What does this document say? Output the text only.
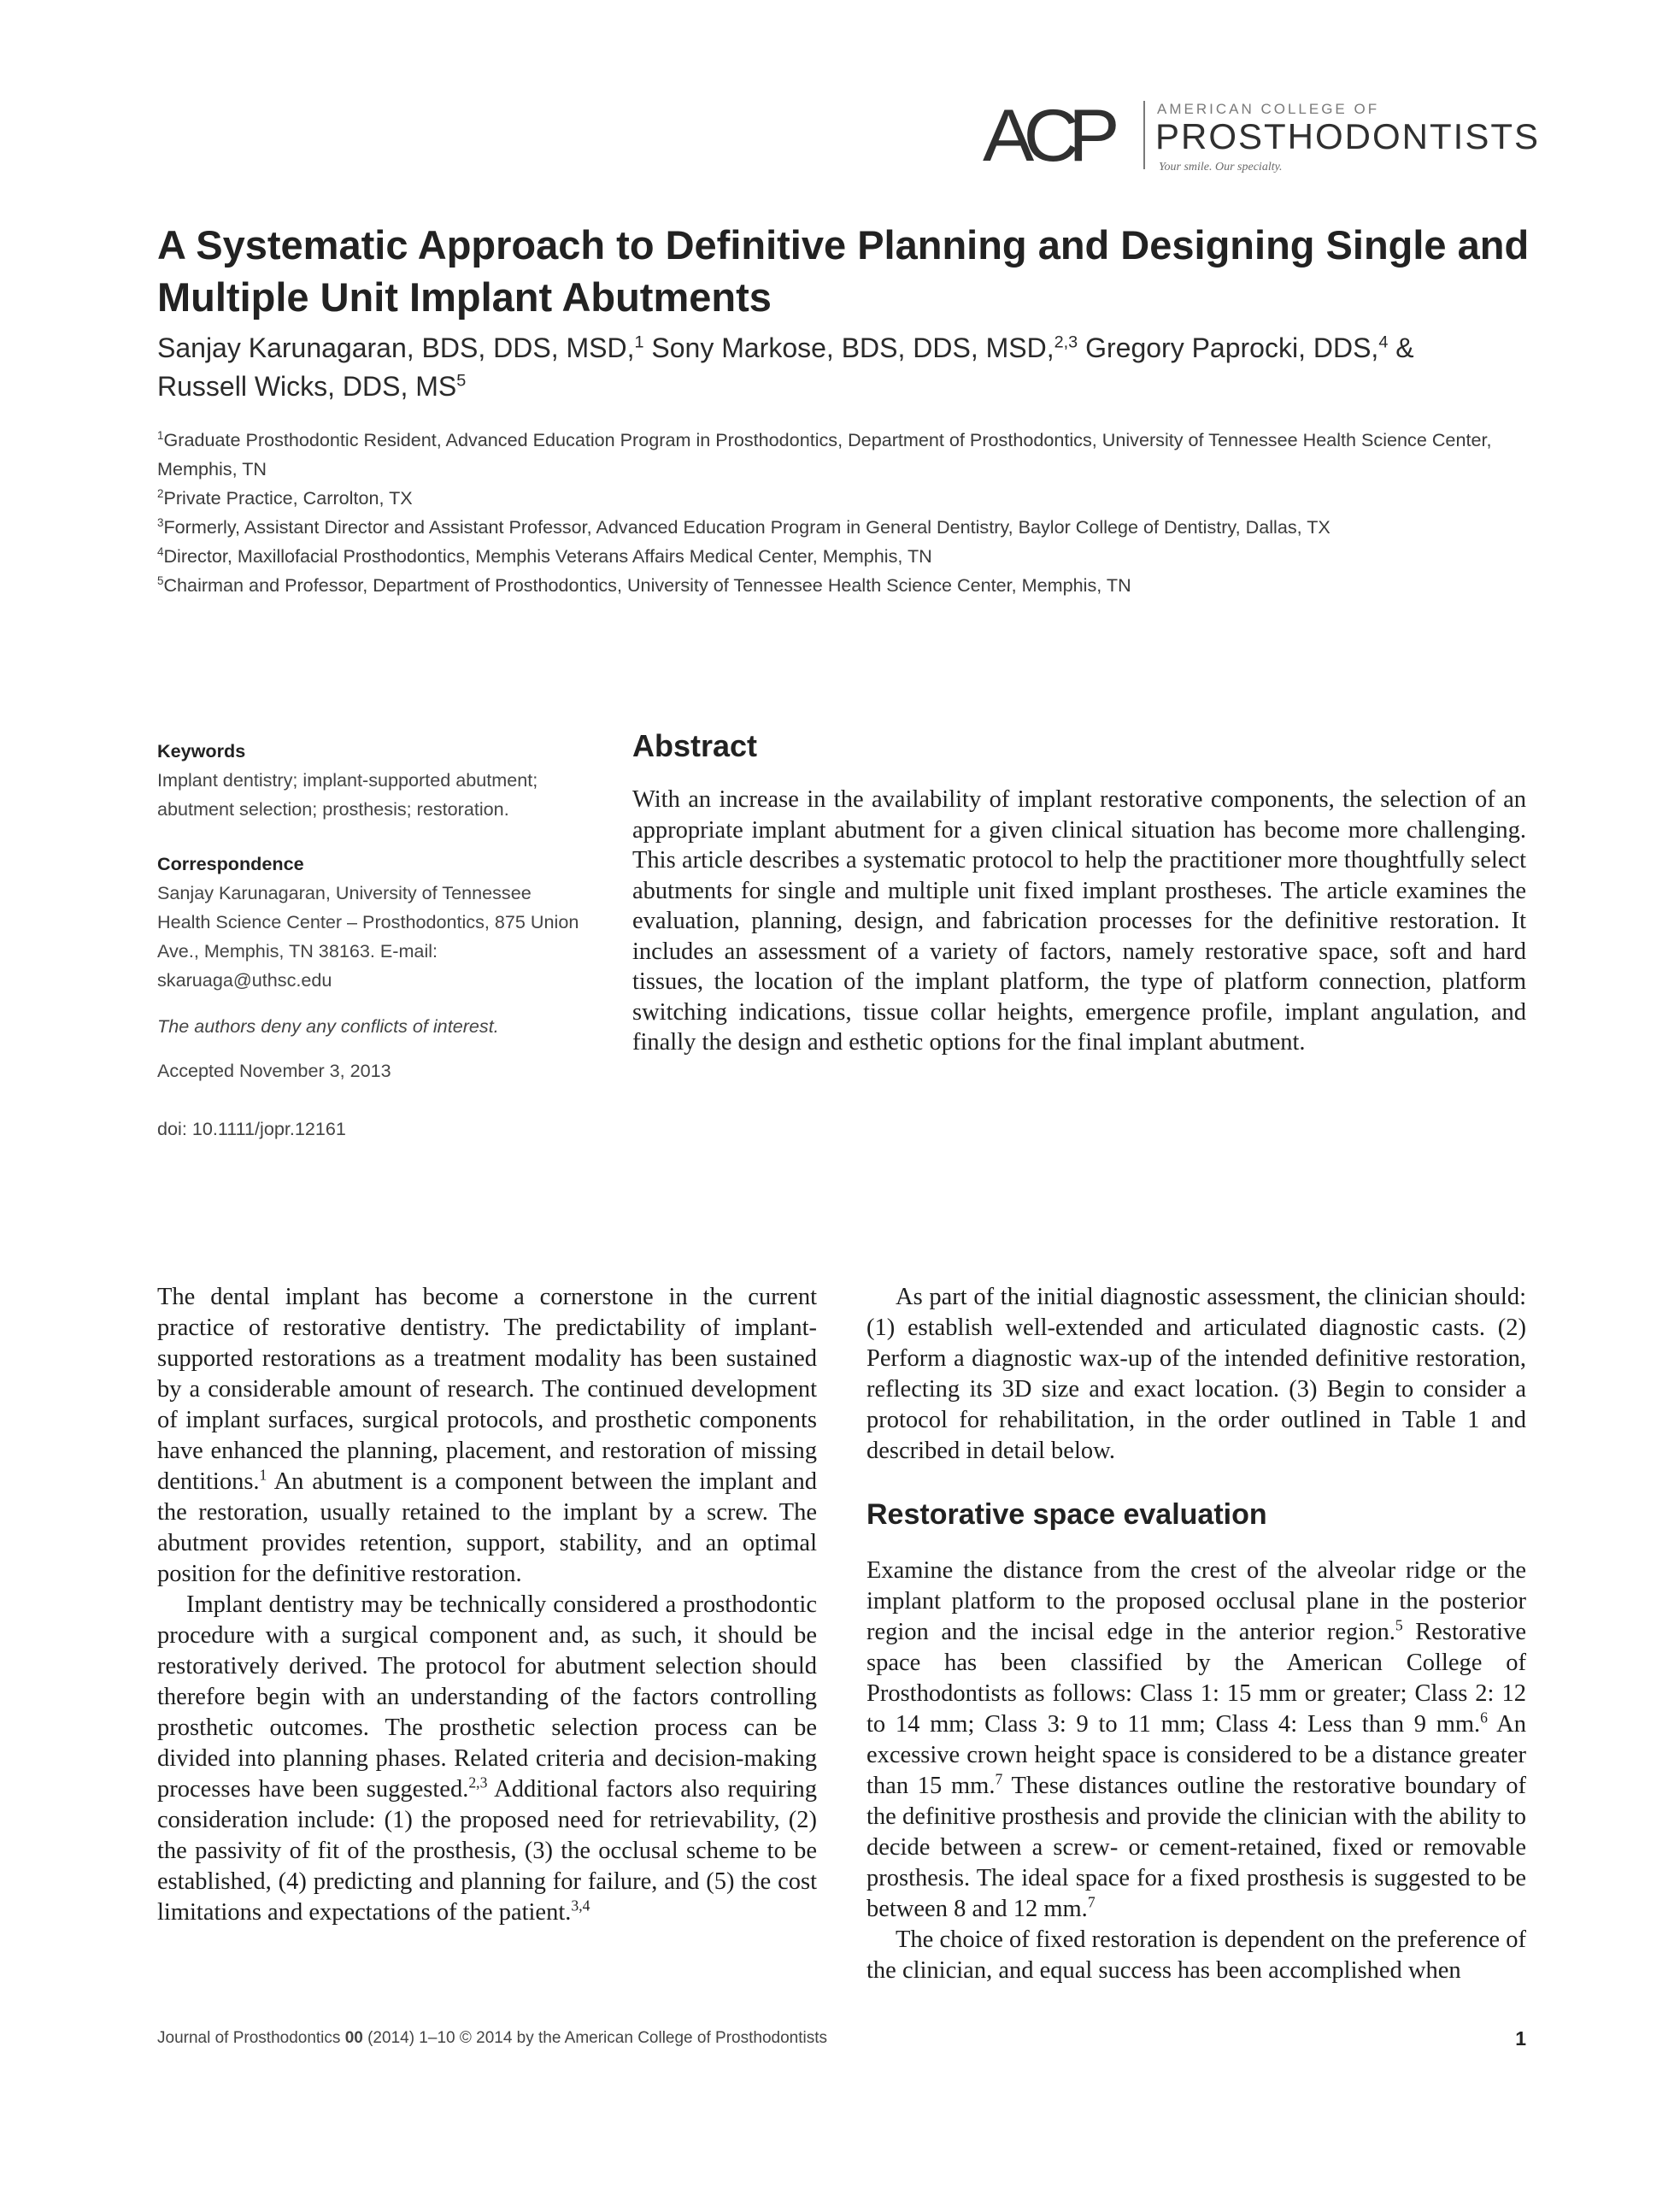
ACP	AMERICAN COLLEGE OF
PROSTHODONTISTS
Your smile. Our specialty.
A Systematic Approach to Definitive Planning and Designing Single and Multiple Unit Implant Abutments
Sanjay Karunagaran, BDS, DDS, MSD,$^1$ Sony Markose, BDS, DDS, MSD,$^{2,3}$ Gregory Paprocki, DDS,$^4$ &
Russell Wicks, DDS, $MS^5$
$^1$Graduate Prosthodontic Resident, Advanced Education Program in Prosthodontics, Department of Prosthodontics, University of Tennessee Health Science Center, Memphis, TN
$^2$Private Practice, Carrolton, TX
$^3$Formerly, Assistant Director and Assistant Professor, Advanced Education Program in General Dentistry, Baylor College of Dentistry, Dallas, TX
$^4$Director, Maxillofacial Prosthodontics, Memphis Veterans Affairs Medical Center, Memphis, TN
$^5$Chairman and Professor, Department of Prosthodontics, University of Tennessee Health Science Center, Memphis, TN
Keywords

Implant dentistry; implant-supported abutment; abutment selection; prosthesis; restoration.

Correspondence

Sanjay Karunagaran, University of Tennessee Health Science Center – Prosthodontics, 875 Union Ave., Memphis, TN 38163. E-mail: skaruaga@uthsc.edu

The authors deny any conflicts of interest.

Accepted November 3, 2013

doi: 10.1111/jopr.12161

Abstract

With an increase in the availability of implant restorative components, the selection of an appropriate implant abutment for a given clinical situation has become more challenging. This article describes a systematic protocol to help the practitioner more thoughtfully select abutments for single and multiple unit fixed implant prostheses. The article examines the evaluation, planning, design, and fabrication processes for the definitive restoration. It includes an assessment of a variety of factors, namely restorative space, soft and hard tissues, the location of the implant platform, the type of platform connection, platform switching indications, tissue collar heights, emergence profile, implant angulation, and finally the design and esthetic options for the final implant abutment.

The dental implant has become a cornerstone in the current practice of restorative dentistry. The predictability of implant-supported restorations as a treatment modality has been sustained by a considerable amount of research. The continued development of implant surfaces, surgical protocols, and prosthetic components have enhanced the planning, placement, and restoration of missing dentitions.$^1$ An abutment is a component between the implant and the restoration, usually retained to the implant by a screw. The abutment provides retention, support, stability, and an optimal position for the definitive restoration.

Implant dentistry may be technically considered a prosthodontic procedure with a surgical component and, as such, it should be restoratively derived. The protocol for abutment selection should therefore begin with an understanding of the factors controlling prosthetic outcomes. The prosthetic selection process can be divided into planning phases. Related criteria and decision-making processes have been suggested.$^{2,3}$ Additional factors also requiring consideration include: (1) the proposed need for retrievability, (2) the passivity of fit of the prosthesis, (3) the occlusal scheme to be established, (4) predicting and planning for failure, and (5) the cost limitations and expectations of the patient.$^{3,4}$

As part of the initial diagnostic assessment, the clinician should: (1) establish well-extended and articulated diagnostic casts. (2) Perform a diagnostic wax-up of the intended definitive restoration, reflecting its 3D size and exact location. (3) Begin to consider a protocol for rehabilitation, in the order outlined in Table 1 and described in detail below.

Restorative space evaluation

Examine the distance from the crest of the alveolar ridge or the implant platform to the proposed occlusal plane in the posterior region and the incisal edge in the anterior region.$^5$ Restorative space has been classified by the American College of Prosthodontists as follows: Class 1: 15 mm or greater; Class 2: 12 to 14 mm; Class 3: 9 to 11 mm; Class 4: Less than 9 mm.$^6$ An excessive crown height space is considered to be a distance greater than 15 mm.$^7$ These distances outline the restorative boundary of the definitive prosthesis and provide the clinician with the ability to decide between a screw- or cement-retained, fixed or removable prosthesis. The ideal space for a fixed prosthesis is suggested to be between 8 and 12 mm.$^7$

The choice of fixed restoration is dependent on the preference of the clinician, and equal success has been accomplished when

Journal of Prosthodontics 00 (2014) 1–10 © 2014 by the American College of Prosthodontists	1
